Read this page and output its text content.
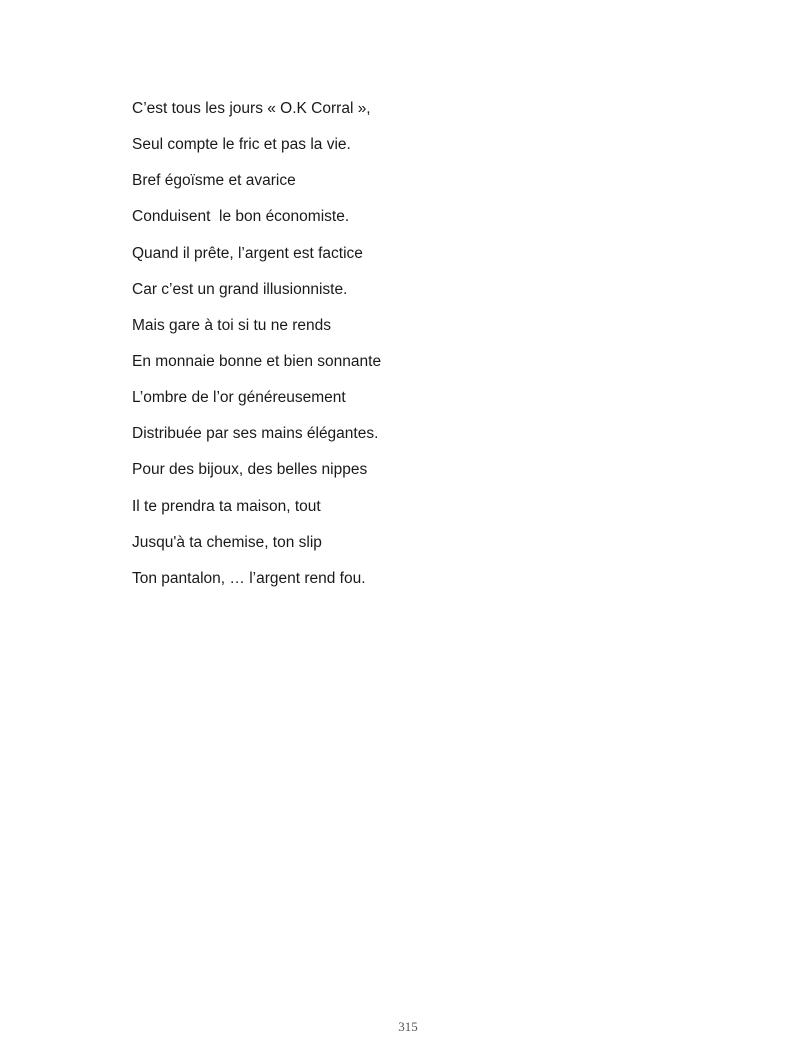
C’est tous les jours « O.K Corral »,
Seul compte le fric et pas la vie.
Bref égoïsme et avarice
Conduisent  le bon économiste.
Quand il prête, l’argent est factice
Car c’est un grand illusionniste.
Mais gare à toi si tu ne rends
En monnaie bonne et bien sonnante
L’ombre de l’or généreusement
Distribuée par ses mains élégantes.
Pour des bijoux, des belles nippes
Il te prendra ta maison, tout
Jusqu'à ta chemise, ton slip
Ton pantalon, … l’argent rend fou.
315
